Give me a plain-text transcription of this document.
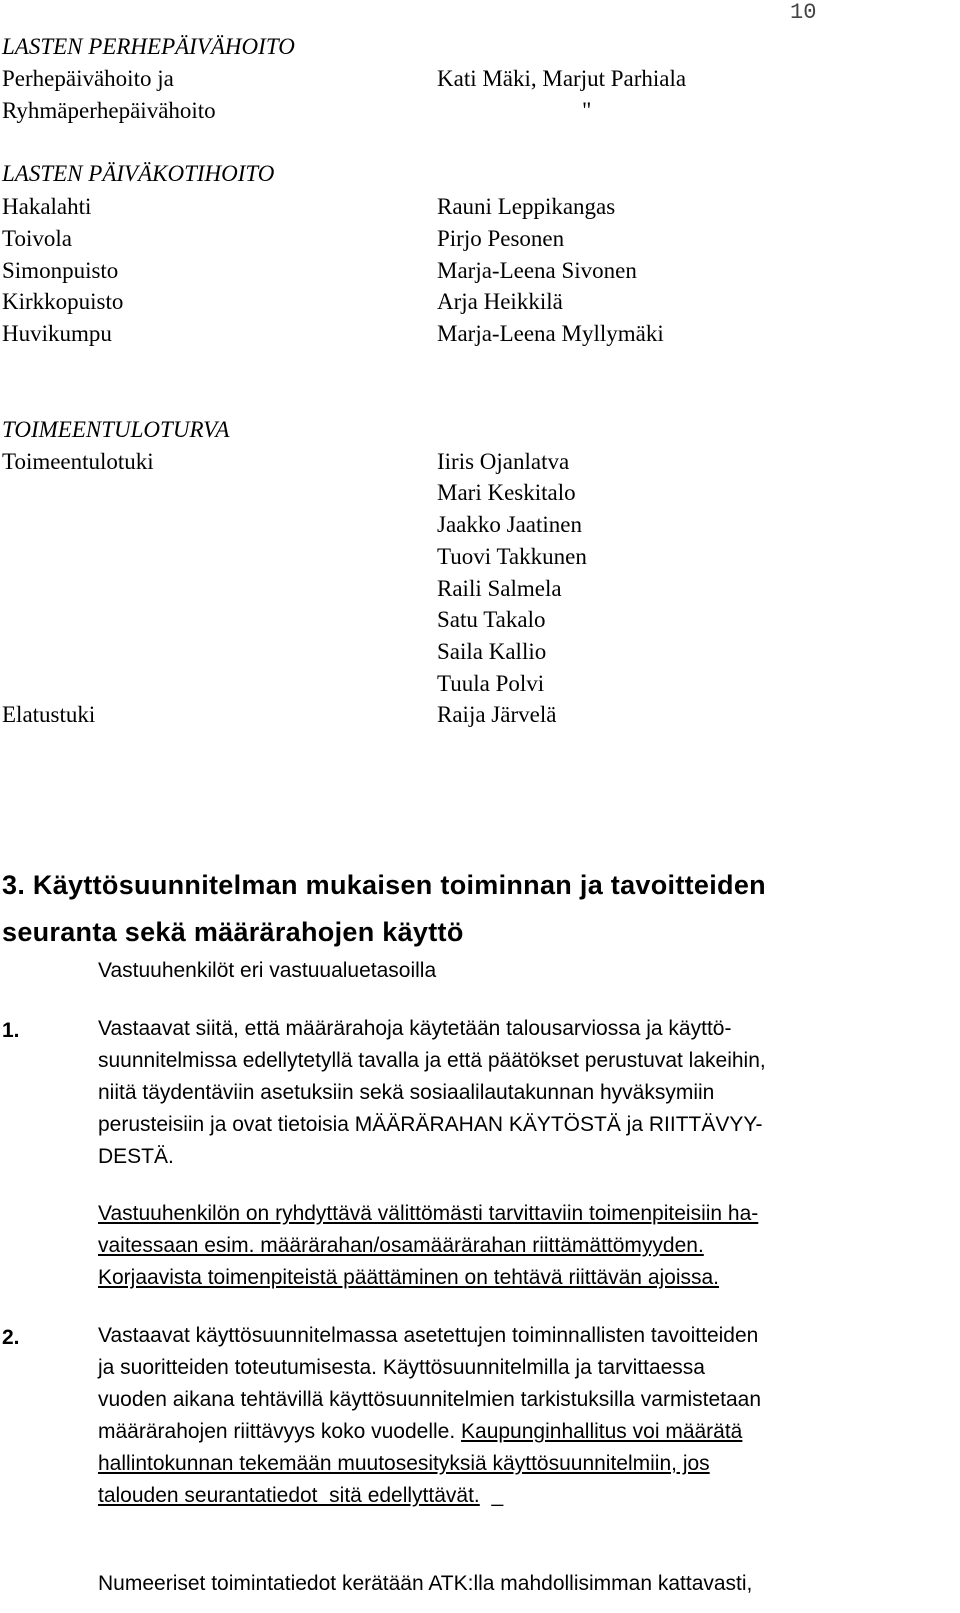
10
LASTEN PERHEPÄIVÄHOITO
Perhepäivähoito ja	Kati Mäki, Marjut Parhiala
Ryhmäperhepäivähoito	"
LASTEN PÄIVÄKOTIHOITO
Hakalahti	Rauni Leppikangas
Toivola	Pirjo Pesonen
Simonpuisto	Marja-Leena Sivonen
Kirkkopuisto	Arja Heikkilä
Huvikumpu	Marja-Leena Myllymäki
TOIMEENTULOTURVA
Toimeentulotuki	Iiris Ojanlatva
Mari Keskitalo
Jaakko Jaatinen
Tuovi Takkunen
Raili Salmela
Satu Takalo
Saila Kallio
Tuula Polvi
Elatustuki	Raija Järvelä
3. Käyttösuunnitelman mukaisen toiminnan ja tavoitteiden
seuranta sekä määrärahojen käyttö
Vastuuhenkilöt eri vastuualuetasoilla
1.	Vastaavat siitä, että määrärahoja käytetään talousarviossa ja käyttö-
suunnitelmissa edellytetyllä tavalla ja että päätökset perustuvat lakeihin,
niitä täydentäviin asetuksiin sekä sosiaalilautakunnan hyväksymiin
perusteisiin ja ovat tietoisia MÄÄRÄRAHAN KÄYTÖSTÄ ja RIITTÄVYY-
DESTÄ.
Vastuuhenkilön on ryhdyttävä välittömästi tarvittaviin toimenpiteisiin ha-
vaitessaan esim. määrärahan/osamäärärahan riittämättömyyden.
Korjaavista toimenpiteistä päättäminen on tehtävä riittävän ajoissa.
2.	Vastaavat käyttösuunnitelmassa asetettujen toiminnallisten tavoitteiden
ja suoritteiden toteutumisesta. Käyttösuunnitelmilla ja tarvittaessa
vuoden aikana tehtävillä käyttösuunnitelmien tarkistuksilla varmistetaan
määrärahojen riittävyys koko vuodelle. Kaupunginhallitus voi määrätä
hallintokunnan tekemään muutosesityksiä käyttösuunnitelmiin, jos
talouden seurantatiedot  sitä edellyttävät. _
Numeeriset toimintatiedot kerätään ATK:lla mahdollisimman kattavasti,
